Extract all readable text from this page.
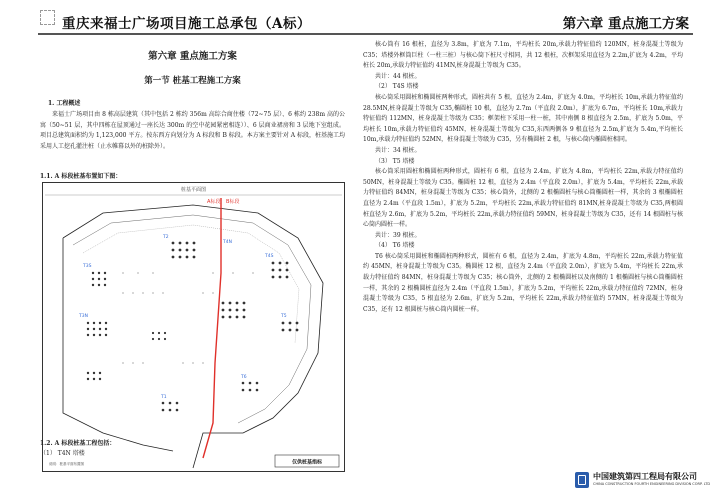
重庆来福士广场项目施工总承包（A标）	第六章 重点施工方案
第六章 重点施工方案
第一节 桩基工程施工方案
1. 工程概述

来福士广场项目由 8 栋高层建筑（其中包括 2 栋约 356m 高综合商住楼（72~75 层）、6 栋约 238m 高的公寓（50~51 层，其中四栋在屋顶通过一座长达 300m 的空中花园紧密相连））、6 层商业裙房和 3 层地下室组成。项目总建筑面积约为 1,123,000 平方。按东西方向划分为 A 标段和 B 标段。本方案主要针对 A 标段，桩基施工均采用人工挖孔灌注桩（止水帷幕以外的桩除外）。

1.1. A 标段桩基布置如下图：
桩基平面图
A标段 B标段
T4N
T3S
T2
T4S
T3N	T5
T6
T1
仅供桩基指标
说明：桩基平面布置图
1.2. A 标段桩基工程包括：
（1） T4N 塔楼

核心筒有 16 根桩，直径为 3.8m，扩底为 7.1m，平均桩长 20m,承载力特征值约 120MN，桩身混凝土等级为 C35；塔楼外框筒巨柱（一柱三桩）与核心筒下桩尺寸相同，共 12 根桩，次框架采用直径为 2.2m,扩底为 4.2m，平均桩长 20m,承载力特征值约 41MN,桩身混凝土等级为 C35。

共计：44 根桩。

（2） T4S 塔楼

核心筒采用圆桩和椭圆桩两种形式，圆桩共有 5 根，直径为 2.4m，扩底为 4.0m，平均桩长 10m,承载力特征值约 28.5MN,桩身混凝土等级为 C35,椭圆桩 10 根，直径为 2.7m（平直段 2.0m），扩底为 6.7m，平均桩长 10m,承载力特征值约 112MN，桩身混凝土等级为 C35；框架柱下采用一柱一桩，其中南侧 8 根直径为 2.5m，扩底为 5.0m，平均桩长 10m,承载力特征值约 45MN，桩身混凝土等级为 C35,东西两侧各 9 根直径为 2.5m,扩底为 5.4m,平均桩长 10m,承载力特征值约 52MN，桩身混凝土等级为 C35，另有椭圆桩 2 根，与核心筒内椭圆桩相同。

共计：34 根桩。

（3） T5 塔楼

核心筒采用圆桩和椭圆桩两种形式，圆桩有 6 根，直径为 2.4m，扩底为 4.8m，平均桩长 22m,承载力特征值约 50MN，桩身混凝土等级为 C35。椭圆桩 12 根，直径为 2.4m（平直段 2.0m），扩底为 5.4m，平均桩长 22m,承载力特征值约 84MN，桩身混凝土等级为 C35；核心筒外，北侧的 2 根椭圆桩与核心筒椭圆桩一样，其余的 3 根椭圆桩直径为 2.4m（平直段 1.5m），扩底为 5.2m，平均桩长 22m,承载力特征值约 81MN,桩身混凝土等级为 C35,两根圆桩直径为 2.6m，扩底为 5.2m，平均桩长 22m,承载力特征值约 59MN，桩身混凝土等级为 C35，还有 14 根圆桩与核心筒内圆桩一样。

共计：39 根桩。

（4） T6 塔楼

T6 核心筒采用圆桩和椭圆桩两种形式，圆桩有 6 根，直径为 2.4m，扩底为 4.8m，平均桩长 22m,承载力特征值约 45MN，桩身混凝土等级为 C35。椭圆桩 12 根，直径为 2.4m（平直段 2.0m），扩底为 5.4m，平均桩长 22m,承载力特征值约 84MN，桩身混凝土等级为 C35；核心筒外，北侧的 2 根椭圆桩以及南侧的 1 根椭圆桩与核心筒椭圆桩一样，其余的 2 根椭圆桩直径为 2.4m（平直段 1.5m），扩底为 5.2m，平均桩长 22m,承载力特征值约 72MN，桩身混凝土等级为 C35，5 根直径为 2.6m，扩底为 5.2m，平均桩长 22m,承载力特征值约 57MN，桩身混凝土等级为 C35，还有 12 根圆桩与核心筒内圆桩一样。

中国建筑第四工程局有限公司
CHINA CONSTRUCTION FOURTH ENGINEERING DIVISION CORP. LTD
